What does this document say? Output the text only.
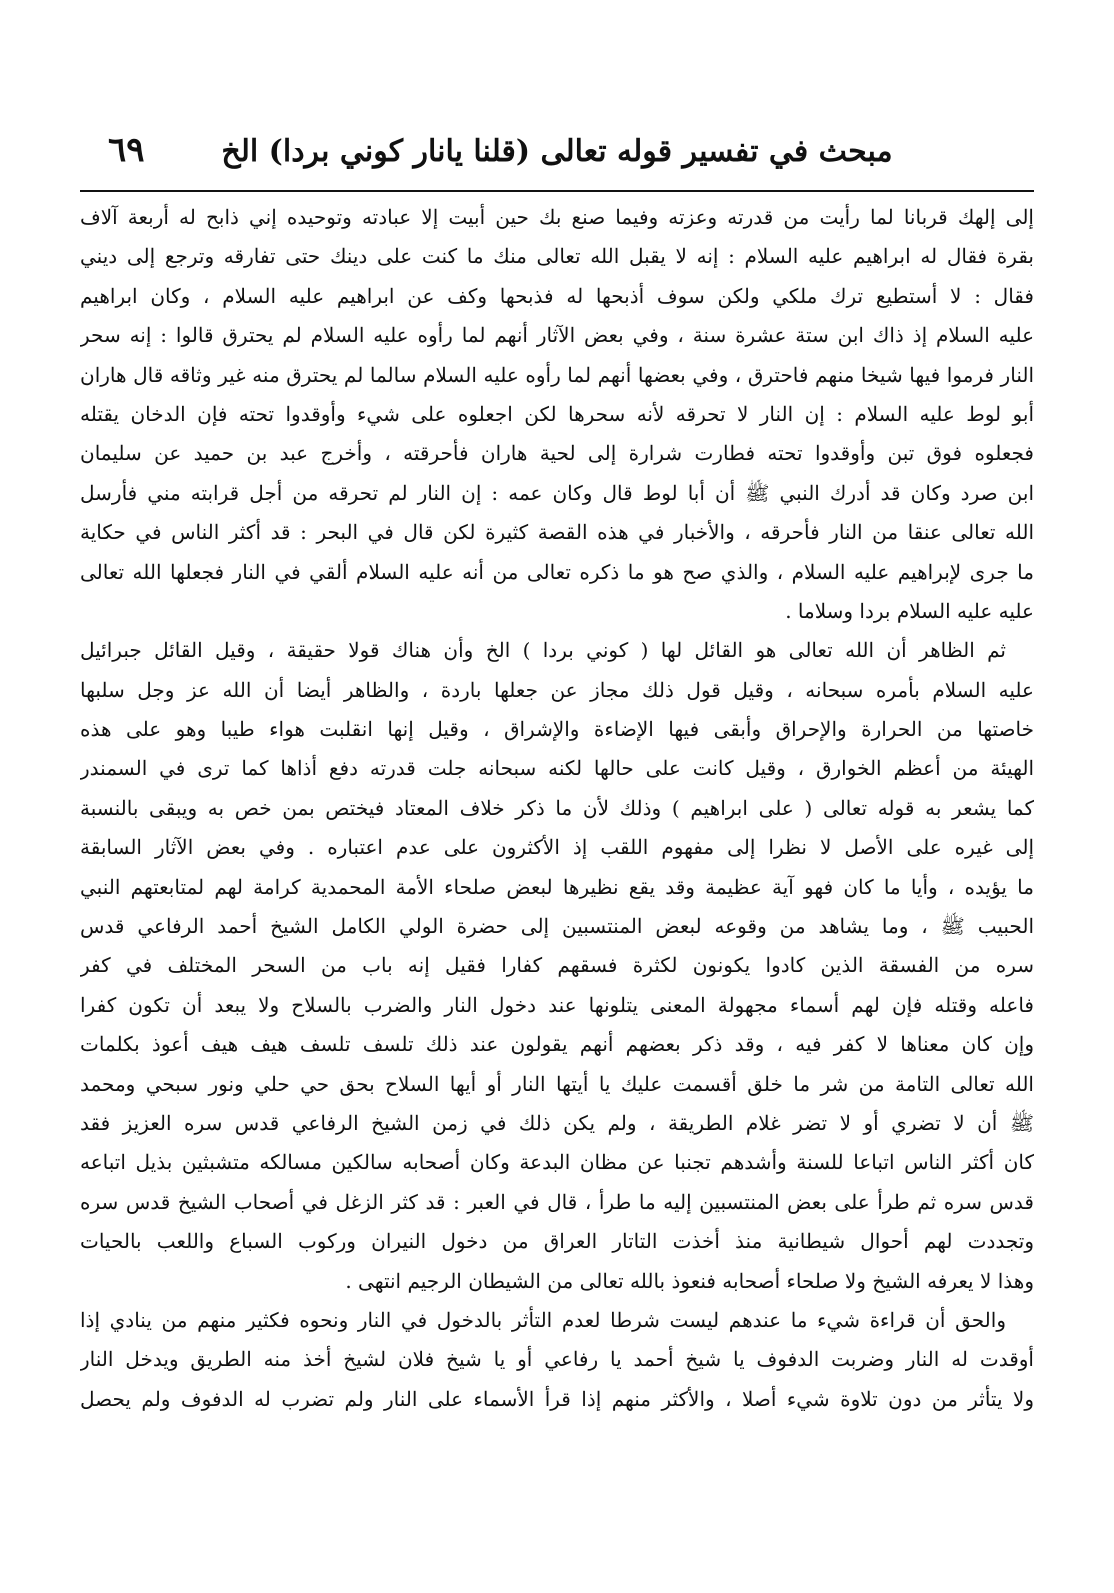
مبحث في تفسير قوله تعالى (قلنا يانار كوني بردا) الخ
٦٩
إلى إلهك قربانا لما رأيت من قدرته وعزته وفيما صنع بك حين أبيت إلا عبادته وتوحيده إني ذابح له أربعة آلاف
بقرة فقال له ابراهيم عليه السلام : إنه لا يقبل الله تعالى منك ما كنت على دينك حتى تفارقه وترجع إلى ديني
فقال : لا أستطيع ترك ملكي ولكن سوف أذبحها له فذبحها وكف عن ابراهيم عليه السلام ، وكان ابراهيم
عليه السلام إذ ذاك ابن ستة عشرة سنة ، وفي بعض الآثار أنهم لما رأوه عليه السلام لم يحترق قالوا : إنه سحر
النار فرموا فيها شيخا منهم فاحترق ، وفي بعضها أنهم لما رأوه عليه السلام سالما لم يحترق منه غير وثاقه قال هاران
أبو لوط عليه السلام : إن النار لا تحرقه لأنه سحرها لكن اجعلوه على شيء وأوقدوا تحته فإن الدخان يقتله
فجعلوه فوق تبن وأوقدوا تحته فطارت شرارة إلى لحية هاران فأحرقته ، وأخرج عبد بن حميد عن سليمان
ابن صرد وكان قد أدرك النبي ﷺ أن أبا لوط قال وكان عمه : إن النار لم تحرقه من أجل قرابته مني فأرسل
الله تعالى عنقا من النار فأحرقه ، والأخبار في هذه القصة كثيرة لكن قال في البحر : قد أكثر الناس في حكاية
ما جرى لإبراهيم عليه السلام ، والذي صح هو ما ذكره تعالى من أنه عليه السلام ألقي في النار فجعلها الله تعالى
عليه عليه السلام بردا وسلاما .
ثم الظاهر أن الله تعالى هو القائل لها ( كوني بردا ) الخ وأن هناك قولا حقيقة ، وقيل القائل جبرائيل
عليه السلام بأمره سبحانه ، وقيل قول ذلك مجاز عن جعلها باردة ، والظاهر أيضا أن الله عز وجل سلبها
خاصتها من الحرارة والإحراق وأبقى فيها الإضاءة والإشراق ، وقيل إنها انقلبت هواء طيبا وهو على هذه
الهيئة من أعظم الخوارق ، وقيل كانت على حالها لكنه سبحانه جلت قدرته دفع أذاها كما ترى في السمندر
كما يشعر به قوله تعالى ( على ابراهيم ) وذلك لأن ما ذكر خلاف المعتاد فيختص بمن خص به ويبقى بالنسبة
إلى غيره على الأصل لا نظرا إلى مفهوم اللقب إذ الأكثرون على عدم اعتباره . وفي بعض الآثار السابقة
ما يؤيده ، وأيا ما كان فهو آية عظيمة وقد يقع نظيرها لبعض صلحاء الأمة المحمدية كرامة لهم لمتابعتهم النبي
الحبيب ﷺ ، وما يشاهد من وقوعه لبعض المنتسبين إلى حضرة الولي الكامل الشيخ أحمد الرفاعي قدس
سره من الفسقة الذين كادوا يكونون لكثرة فسقهم كفارا فقيل إنه باب من السحر المختلف في كفر
فاعله وقتله فإن لهم أسماء مجهولة المعنى يتلونها عند دخول النار والضرب بالسلاح ولا يبعد أن تكون كفرا
وإن كان معناها لا كفر فيه ، وقد ذكر بعضهم أنهم يقولون عند ذلك تلسف تلسف هيف هيف أعوذ بكلمات
الله تعالى التامة من شر ما خلق أقسمت عليك يا أيتها النار أو أيها السلاح بحق حي حلي ونور سبحي ومحمد
ﷺ أن لا تضري أو لا تضر غلام الطريقة ، ولم يكن ذلك في زمن الشيخ الرفاعي قدس سره العزيز فقد
كان أكثر الناس اتباعا للسنة وأشدهم تجنبا عن مظان البدعة وكان أصحابه سالكين مسالكه متشبثين بذيل اتباعه
قدس سره ثم طرأ على بعض المنتسبين إليه ما طرأ ، قال في العبر : قد كثر الزغل في أصحاب الشيخ قدس سره
وتجددت لهم أحوال شيطانية منذ أخذت التاتار العراق من دخول النيران وركوب السباع واللعب بالحيات
وهذا لا يعرفه الشيخ ولا صلحاء أصحابه فنعوذ بالله تعالى من الشيطان الرجيم انتهى .
والحق أن قراءة شيء ما عندهم ليست شرطا لعدم التأثر بالدخول في النار ونحوه فكثير منهم من ينادي إذا
أوقدت له النار وضربت الدفوف يا شيخ أحمد يا رفاعي أو يا شيخ فلان لشيخ أخذ منه الطريق ويدخل النار
ولا يتأثر من دون تلاوة شيء أصلا ، والأكثر منهم إذا قرأ الأسماء على النار ولم تضرب له الدفوف ولم يحصل
